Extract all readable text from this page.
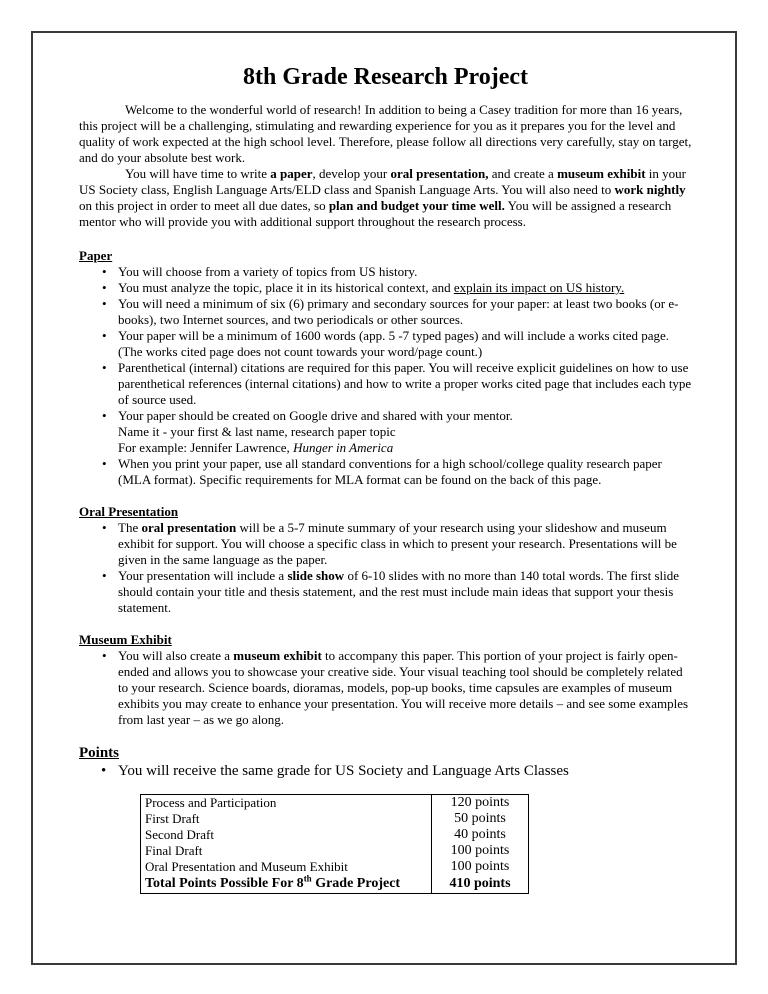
8th Grade Research Project

Welcome to the wonderful world of research! In addition to being a Casey tradition for more than 16 years, this project will be a challenging, stimulating and rewarding experience for you as it prepares you for the level and quality of work expected at the high school level. Therefore, please follow all directions very carefully, stay on target, and do your absolute best work.

You will have time to write a paper, develop your oral presentation, and create a museum exhibit in your US Society class, English Language Arts/ELD class and Spanish Language Arts. You will also need to work nightly on this project in order to meet all due dates, so plan and budget your time well. You will be assigned a research mentor who will provide you with additional support throughout the research process.

Paper

• You will choose from a variety of topics from US history.
• You must analyze the topic, place it in its historical context, and explain its impact on US history.
• You will need a minimum of six (6) primary and secondary sources for your paper: at least two books (or e-books), two Internet sources, and two periodicals or other sources.
• Your paper will be a minimum of 1600 words (app. 5 -7 typed pages) and will include a works cited page. (The works cited page does not count towards your word/page count.)
• Parenthetical (internal) citations are required for this paper. You will receive explicit guidelines on how to use parenthetical references (internal citations) and how to write a proper works cited page that includes each type of source used.
• Your paper should be created on Google drive and shared with your mentor.
Name it - your first & last name, research paper topic
For example: Jennifer Lawrence, Hunger in America
• When you print your paper, use all standard conventions for a high school/college quality research paper (MLA format). Specific requirements for MLA format can be found on the back of this page.

Oral Presentation

• The oral presentation will be a 5-7 minute summary of your research using your slideshow and museum exhibit for support. You will choose a specific class in which to present your research. Presentations will be given in the same language as the paper.
• Your presentation will include a slide show of 6-10 slides with no more than 140 total words. The first slide should contain your title and thesis statement, and the rest must include main ideas that support your thesis statement.

Museum Exhibit

• You will also create a museum exhibit to accompany this paper. This portion of your project is fairly open-ended and allows you to showcase your creative side. Your visual teaching tool should be completely related to your research. Science boards, dioramas, models, pop-up books, time capsules are examples of museum exhibits you may create to enhance your presentation. You will receive more details – and see some examples from last year – as we go along.

Points

• You will receive the same grade for US Society and Language Arts Classes
Process and Participation	120 points
First Draft	50 points
Second Draft	40 points
Final Draft	100 points
Oral Presentation and Museum Exhibit	100 points
Total Points Possible For 8th Grade Project	410 points
